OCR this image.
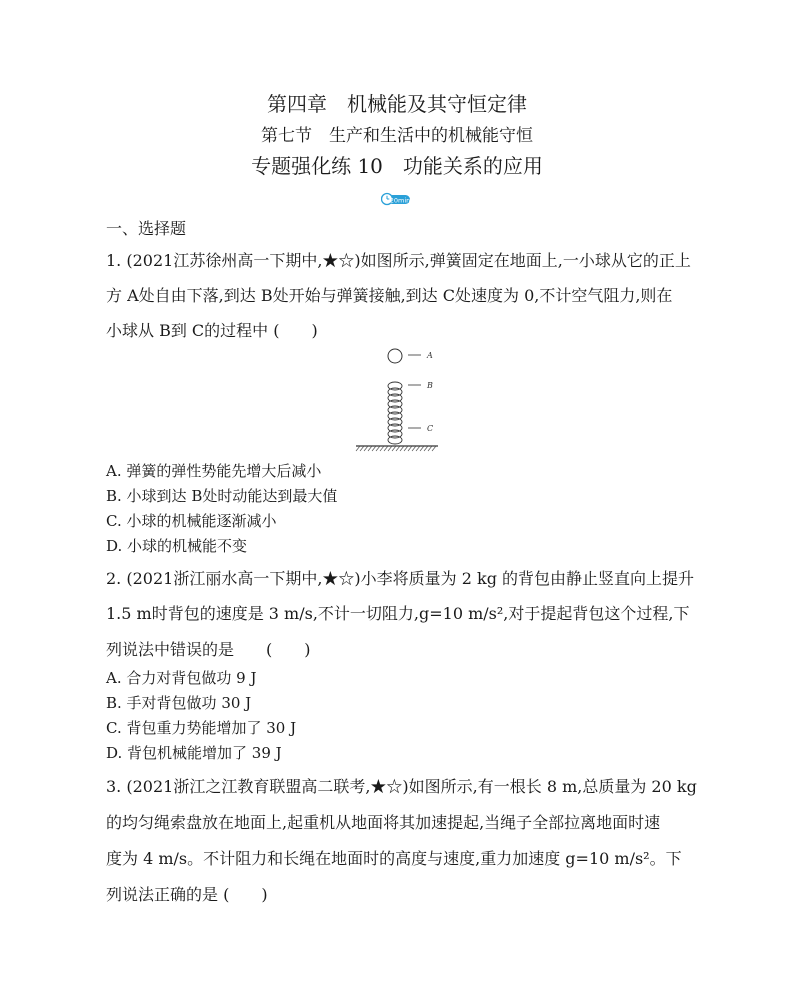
第四章　机械能及其守恒定律
第七节　生产和生活中的机械能守恒
专题强化练 10　功能关系的应用
20min
一、选择题
1. (2021江苏徐州高一下期中,★☆)如图所示,弹簧固定在地面上,一小球从它的正上
方 A处自由下落,到达 B处开始与弹簧接触,到达 C处速度为 0,不计空气阻力,则在
小球从 B到 C的过程中 (　　)
A
B
C
A. 弹簧的弹性势能先增大后减小
B. 小球到达 B处时动能达到最大值
C. 小球的机械能逐渐减小
D. 小球的机械能不变
2. (2021浙江丽水高一下期中,★☆)小李将质量为 2 kg 的背包由静止竖直向上提升
1.5 m时背包的速度是 3 m/s,不计一切阻力,g=10 m/s²,对于提起背包这个过程,下
列说法中错误的是　　(　　)
A. 合力对背包做功 9 J
B. 手对背包做功 30 J
C. 背包重力势能增加了 30 J
D. 背包机械能增加了 39 J
3. (2021浙江之江教育联盟高二联考,★☆)如图所示,有一根长 8 m,总质量为 20 kg
的均匀绳索盘放在地面上,起重机从地面将其加速提起,当绳子全部拉离地面时速
度为 4 m/s。不计阻力和长绳在地面时的高度与速度,重力加速度 g=10 m/s²。下
列说法正确的是 (　　)
